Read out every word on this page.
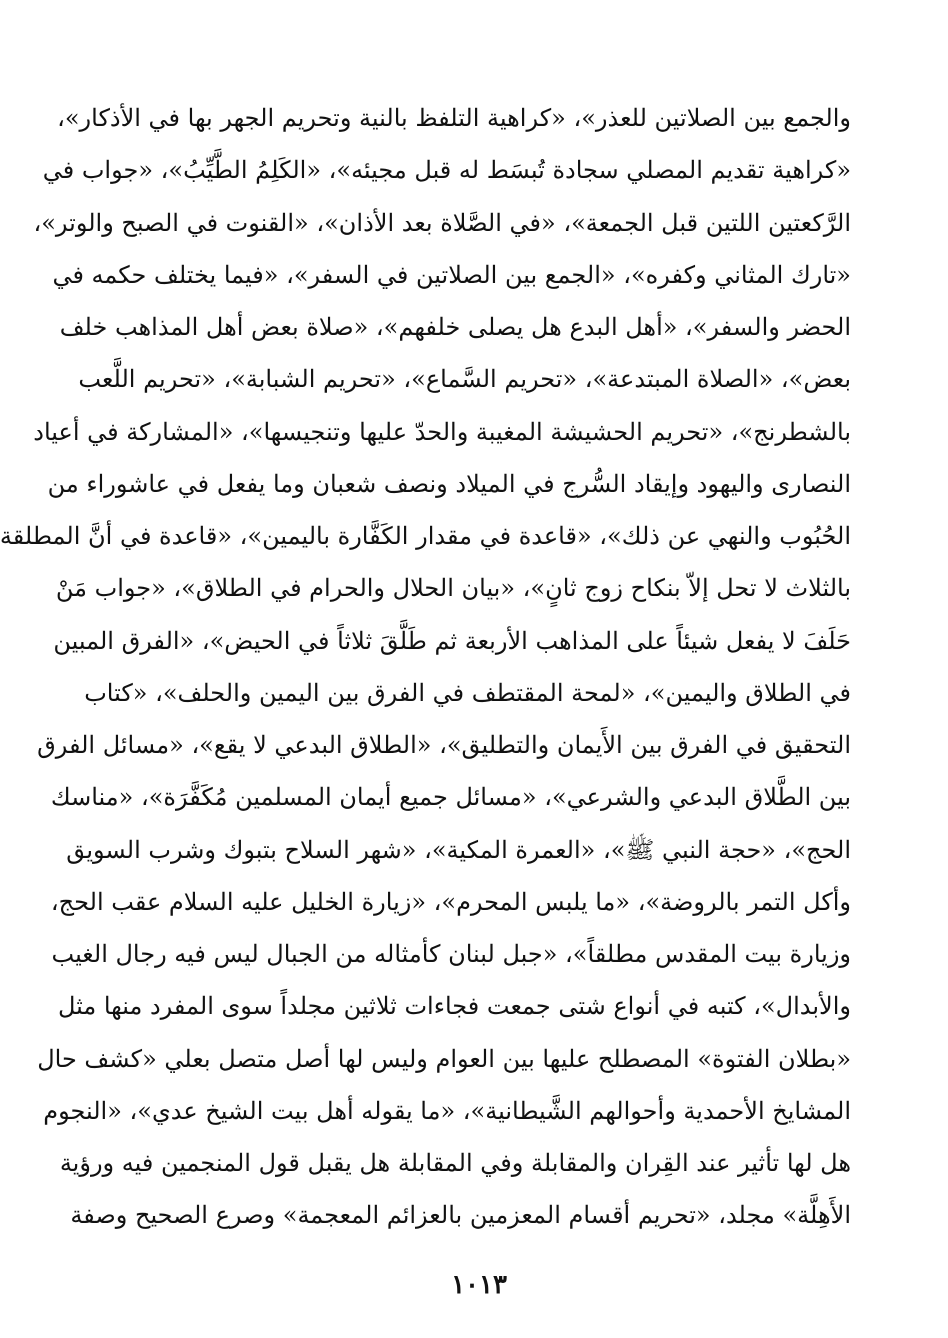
والجمع بين الصلاتين للعذر»، «كراهية التلفظ بالنية وتحريم الجهر بها في الأذكار»،
«كراهية تقديم المصلي سجادة تُبسَط له قبل مجيئه»، «الكَلِمُ الطَّيِّبُ»، «جواب في
الرَّكعتين اللتين قبل الجمعة»، «في الصَّلاة بعد الأذان»، «القنوت في الصبح والوتر»،
«تارك المثاني وكفره»، «الجمع بين الصلاتين في السفر»، «فيما يختلف حكمه في
الحضر والسفر»، «أهل البدع هل يصلى خلفهم»، «صلاة بعض أهل المذاهب خلف
بعض»، «الصلاة المبتدعة»، «تحريم السَّماع»، «تحريم الشبابة»، «تحريم اللَّعب
بالشطرنج»، «تحريم الحشيشة المغيبة والحدّ عليها وتنجيسها»، «المشاركة في أعياد
النصارى واليهود وإيقاد السُّرج في الميلاد ونصف شعبان وما يفعل في عاشوراء من
الحُبُوب والنهي عن ذلك»، «قاعدة في مقدار الكَفَّارة باليمين»، «قاعدة في أنَّ المطلقة
بالثلاث لا تحل إلاّ بنكاح زوج ثانٍ»، «بيان الحلال والحرام في الطلاق»، «جواب مَنْ
حَلَفَ لا يفعل شيئاً على المذاهب الأربعة ثم طَلَّقَ ثلاثاً في الحيض»، «الفرق المبين
في الطلاق واليمين»، «لمحة المقتطف في الفرق بين اليمين والحلف»، «كتاب
التحقيق في الفرق بين الأَيمان والتطليق»، «الطلاق البدعي لا يقع»، «مسائل الفرق
بين الطَّلاق البدعي والشرعي»، «مسائل جميع أيمان المسلمين مُكَفَّرَة»، «مناسك
الحج»، «حجة النبي ﷺ»، «العمرة المكية»، «شهر السلاح بتبوك وشرب السويق
وأكل التمر بالروضة»، «ما يلبس المحرم»، «زيارة الخليل عليه السلام عقب الحج،
وزيارة بيت المقدس مطلقاً»، «جبل لبنان كأمثاله من الجبال ليس فيه رجال الغيب
والأبدال»، كتبه في أنواع شتى جمعت فجاءات ثلاثين مجلداً سوى المفرد منها مثل
«بطلان الفتوة» المصطلح عليها بين العوام وليس لها أصل متصل بعلي «كشف حال
المشايخ الأحمدية وأحوالهم الشَّيطانية»، «ما يقوله أهل بيت الشيخ عدي»، «النجوم
هل لها تأثير عند القِران والمقابلة وفي المقابلة هل يقبل قول المنجمين فيه ورؤية
الأَهِلَّة» مجلد، «تحريم أقسام المعزمين بالعزائم المعجمة» وصرع الصحيح وصفة
١٠١٣
